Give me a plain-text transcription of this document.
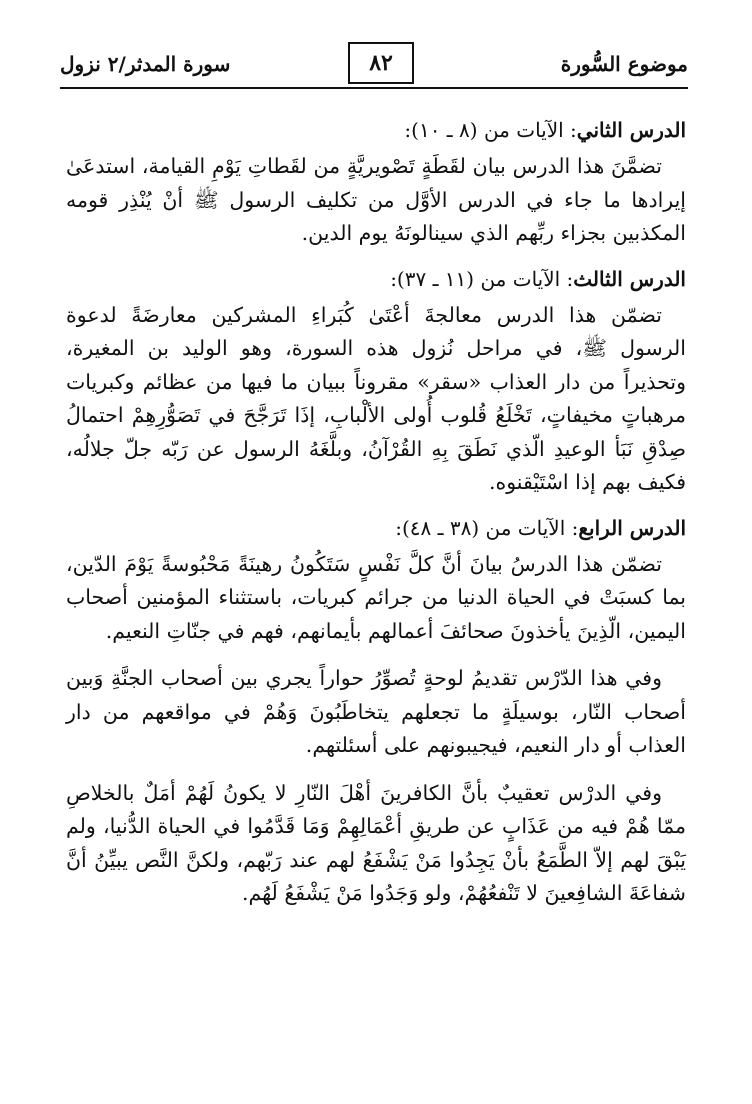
موضوع السُّورة
٨٢
سورة المدثر/٢ نزول

الدرس الثاني: الآيات من (٨ ـ ١٠):

تضمَّنَ هذا الدرس بيان لقَطَةٍ تَصْويريَّةٍ من لقَطاتِ يَوْمِ القيامة، استدعَىٰ إيرادها ما جاء في الدرس الأوَّل من تكليف الرسول ﷺ أنْ يُنْذِر قومه المكذبين بجزاء ربِّهم الذي سينالونَهُ يوم الدين.

الدرس الثالث: الآيات من (١١ ـ ٣٧):

تضمّن هذا الدرس معالجةَ أعْتَىٰ كُبَراءِ المشركين معارضَةً لدعوة الرسول ﷺ، في مراحل نُزول هذه السورة، وهو الوليد بن المغيرة، وتحذيراً من دار العذاب «سقر» مقروناً ببيان ما فيها من عظائم وكبريات مرهباتٍ مخيفاتٍ، تَخْلَعُ قُلوب أُولى الألْبابِ، إذَا تَرَجَّحَ في تَصَوُّرِهِمْ احتمالُ صِدْقِ نَبَأ الوعيدِ الّذي نَطَقَ بِهِ القُرْآنُ، وبلَّغَهُ الرسول عن رَبّه جلّ جلالُه، فكيف بهم إذا اسْتَيْقنوه.

الدرس الرابع: الآيات من (٣٨ ـ ٤٨):

تضمّن هذا الدرسُ بيانَ أنَّ كلَّ نَفْسٍ سَتَكُونُ رهينَةً مَحْبُوسةً يَوْمَ الدّين، بما كسبَتْ في الحياة الدنيا من جرائم كبريات، باستثناء المؤمنين أصحاب اليمين، الّذِينَ يأخذونَ صحائفَ أعمالهم بأيمانهم، فهم في جنّاتِ النعيم.

وفي هذا الدّرْس تقديمُ لوحةٍ تُصوِّرُ حواراً يجري بين أصحاب الجنَّةِ وَبين أصحاب النّار، بوسيلَةٍ ما تجعلهم يتخاطَبُونَ وَهُمْ في مواقعهم من دار العذاب أو دار النعيم، فيجيبونهم على أسئلتهم.

وفي الدرْس تعقيبٌ بأنَّ الكافرينَ أهْلَ النّارِ لا يكونُ لَهُمْ أمَلٌ بالخلاصِ ممّا هُمْ فيه من عَذَابٍ عن طريقِ أعْمَالِهِمْ وَمَا قَدَّمُوا في الحياة الدُّنيا، ولم يَبْقَ لهم إلاّ الطَّمَعُ بأنْ يَجِدُوا مَنْ يَشْفَعُ لهم عند رَبّهم، ولكنَّ النَّص يبيِّنُ أنَّ شفاعَةَ الشافِعينَ لا تَنْفعُهُمْ، ولو وَجَدُوا مَنْ يَشْفَعُ لَهُم.
